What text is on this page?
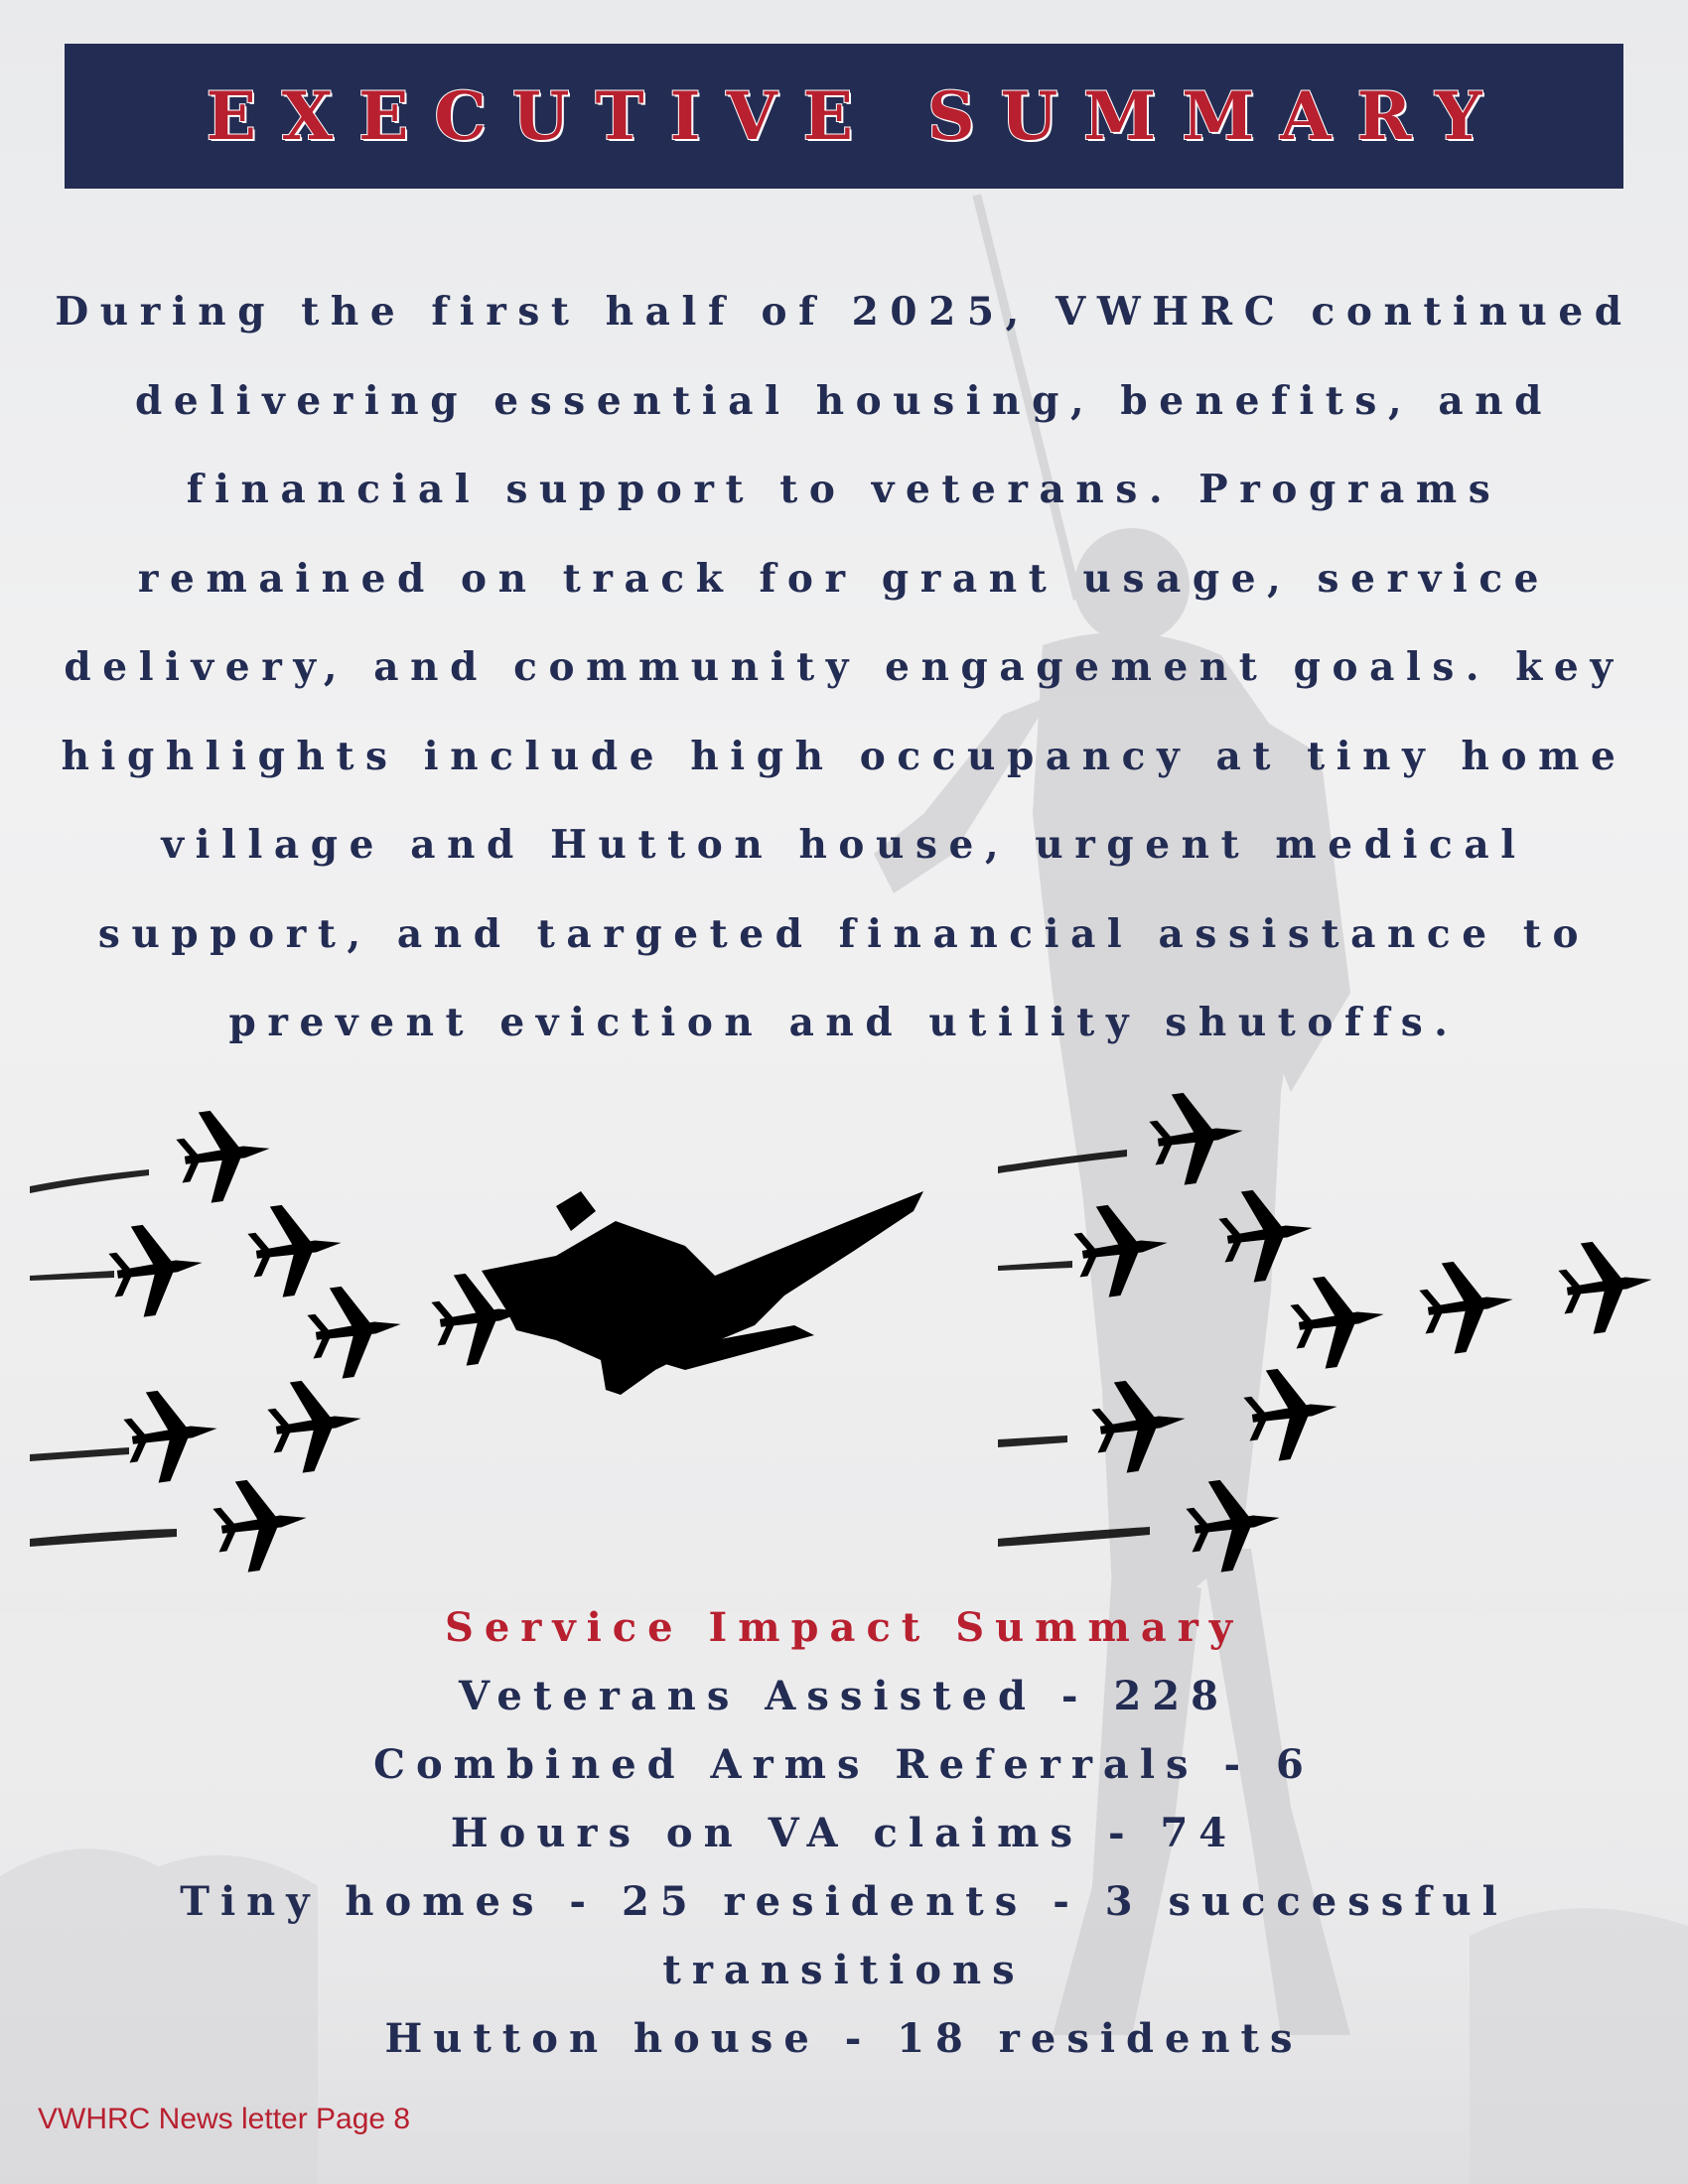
EXECUTIVE SUMMARY
During the first half of 2025, VWHRC continued
delivering essential housing, benefits, and
financial support to veterans. Programs
remained on track for grant usage, service
delivery, and community engagement goals. key
highlights include high occupancy at tiny home
village and Hutton house, urgent medical
support, and targeted financial assistance to
prevent eviction and utility shutoffs.
Service Impact Summary
Veterans Assisted - 228
Combined Arms Referrals - 6
Hours on VA claims - 74
Tiny homes - 25 residents - 3 successful
transitions
Hutton house - 18 residents
VWHRC News letter Page 8
